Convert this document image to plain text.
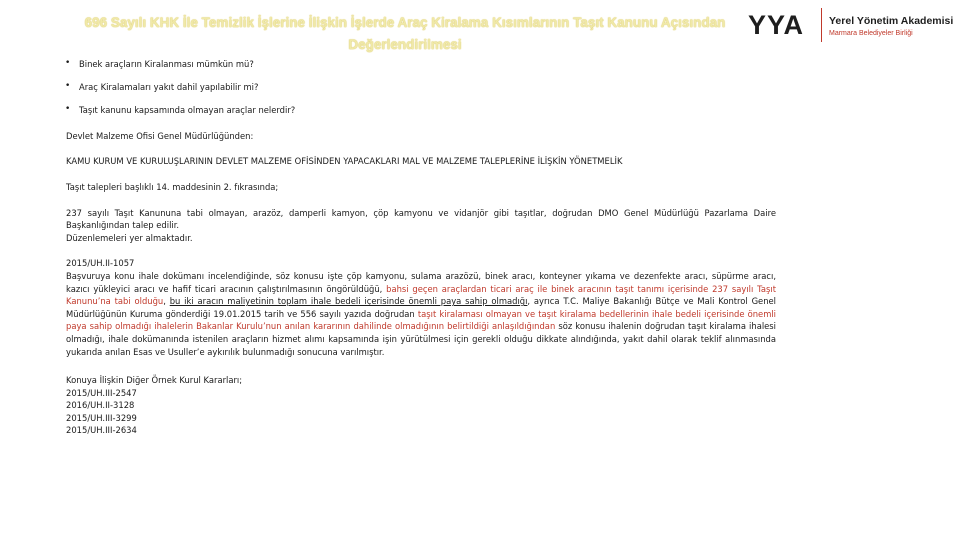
696 Sayılı KHK İle Temizlik İşlerine İlişkin İşlerde Araç Kiralama Kısımlarının Taşıt Kanunu Açısından
Değerlendirilmesi
YYA Yerel Yönetim Akademisi
Marmara Belediyeler Birliği
• Binek araçların Kiralanması mümkün mü?
• Araç Kiralamaları yakıt dahil yapılabilir mi?
• Taşıt kanunu kapsamında olmayan araçlar nelerdir?

Devlet Malzeme Ofisi Genel Müdürlüğünden:

KAMU KURUM VE KURULUŞLARININ DEVLET MALZEME OFİSİNDEN YAPACAKLARI MAL VE MALZEME TALEPLERİNE İLİŞKİN YÖNETMELİK

Taşıt talepleri başlıklı 14. maddesinin 2. fıkrasında;

237 sayılı Taşıt Kanununa tabi olmayan, arazöz, damperli kamyon, çöp kamyonu ve vidanjör gibi taşıtlar, doğrudan DMO Genel Müdürlüğü Pazarlama Daire

Başkanlığından talep edilir.

Düzenlemeleri yer almaktadır.

2015/UH.II-1057

Başvuruya konu ihale dokümanı incelendiğinde, söz konusu işte çöp kamyonu, sulama arazözü, binek aracı, konteyner yıkama ve dezenfekte aracı, süpürme aracı, kazıcı yükleyici aracı ve hafif ticari aracının çalıştırılmasının öngörüldüğü, bahsi geçen araçlardan ticari araç ile binek aracının taşıt tanımı içerisinde 237 sayılı Taşıt Kanunu’na tabi olduğu, bu iki aracın maliyetinin toplam ihale bedeli içerisinde önemli paya sahip olmadığı, ayrıca T.C. Maliye Bakanlığı Bütçe ve Mali Kontrol Genel Müdürlüğünün Kuruma gönderdiği 19.01.2015 tarih ve 556 sayılı yazıda doğrudan taşıt kiralaması olmayan ve taşıt kiralama bedellerinin ihale bedeli içerisinde önemli paya sahip olmadığı ihalelerin Bakanlar Kurulu’nun anılan kararının dahilinde olmadığının belirtildiği anlaşıldığından söz konusu ihalenin doğrudan taşıt kiralama ihalesi olmadığı, ihale dokümanında istenilen araçların hizmet alımı kapsamında işin yürütülmesi için gerekli olduğu dikkate alındığında, yakıt dahil olarak teklif alınmasında yukarıda anılan Esas ve Usuller’e aykırılık bulunmadığı sonucuna varılmıştır.

Konuya İlişkin Diğer Örnek Kurul Kararları;

2015/UH.III-2547

2016/UH.II-3128

2015/UH.III-3299

2015/UH.III-2634
